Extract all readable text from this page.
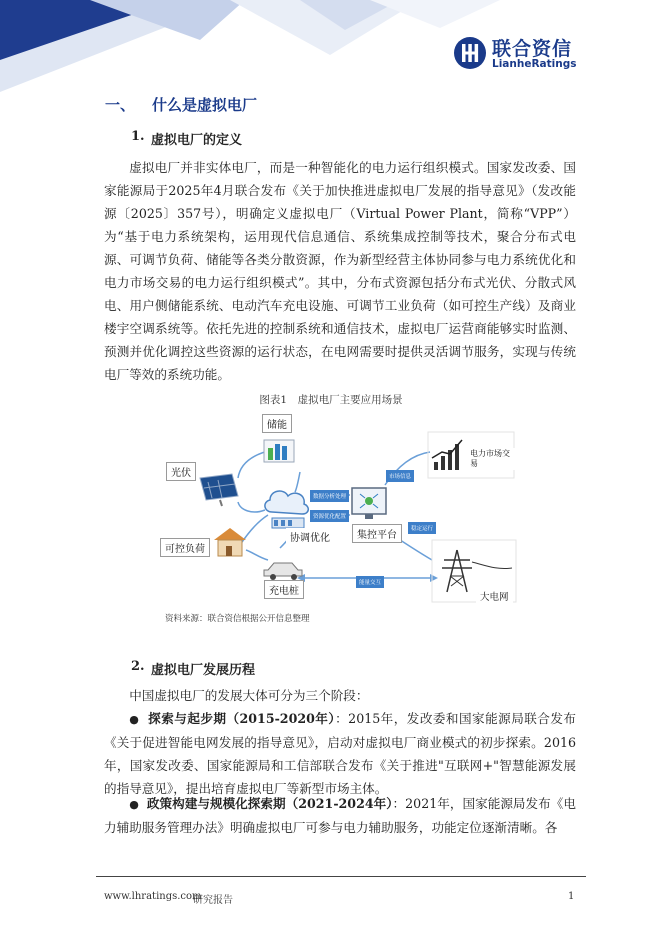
联合资信
LianheRatings
一、 什么是虚拟电厂
1. 虚拟电厂的定义
虚拟电厂并非实体电厂，而是一种智能化的电力运行组织模式。国家发改委、国家能源局于2025年4月联合发布《关于加快推进虚拟电厂发展的指导意见》（发改能源〔2025〕357号），明确定义虚拟电厂（Virtual Power Plant，简称“VPP”）为“基于电力系统架构，运用现代信息通信、系统集成控制等技术，聚合分布式电源、可调节负荷、储能等各类分散资源，作为新型经营主体协同参与电力系统优化和电力市场交易的电力运行组织模式”。其中，分布式资源包括分布式光伏、分散式风电、用户侧储能系统、电动汽车充电设施、可调节工业负荷（如可控生产线）及商业楼宇空调系统等。依托先进的控制系统和通信技术，虚拟电厂运营商能够实时监测、预测并优化调控这些资源的运行状态，在电网需要时提供灵活调节服务，实现与传统电厂等效的系统功能。
图表1　虚拟电厂主要应用场景
储能
光伏
可控负荷
充电桩
协调优化	集控平台
电力市场交易
大电网
数据分析处理
资源优化配置
市场信息
稳定运行
能量交互
资料来源：联合资信根据公开信息整理
2. 虚拟电厂发展历程
中国虚拟电厂的发展大体可分为三个阶段：
● 探索与起步期（2015-2020年）：2015年，发改委和国家能源局联合发布《关于促进智能电网发展的指导意见》，启动对虚拟电厂商业模式的初步探索。2016年，国家发改委、国家能源局和工信部联合发布《关于推进"互联网+"智慧能源发展的指导意见》，提出培育虚拟电厂等新型市场主体。
● 政策构建与规模化探索期（2021-2024年）：2021年，国家能源局发布《电力辅助服务管理办法》明确虚拟电厂可参与电力辅助服务，功能定位逐渐清晰。各
www.lhratings.com
研究报告	1
